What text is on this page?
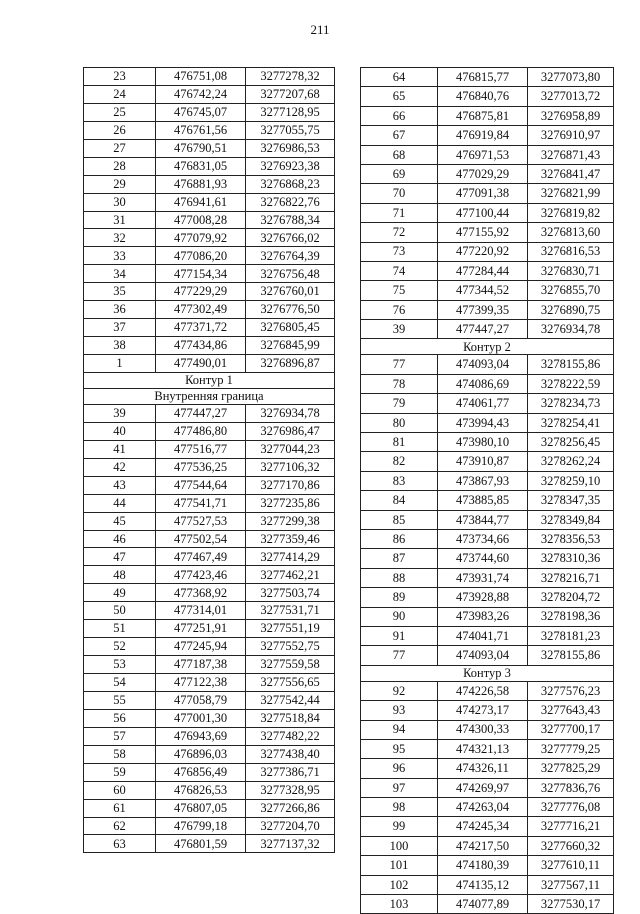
211
23	476751,08	3277278,32
24	476742,24	3277207,68
25	476745,07	3277128,95
26	476761,56	3277055,75
27	476790,51	3276986,53
28	476831,05	3276923,38
29	476881,93	3276868,23
30	476941,61	3276822,76
31	477008,28	3276788,34
32	477079,92	3276766,02
33	477086,20	3276764,39
34	477154,34	3276756,48
35	477229,29	3276760,01
36	477302,49	3276776,50
37	477371,72	3276805,45
38	477434,86	3276845,99
1	477490,01	3276896,87
Контур 1		
Внутренняя граница		
39	477447,27	3276934,78
40	477486,80	3276986,47
41	477516,77	3277044,23
42	477536,25	3277106,32
43	477544,64	3277170,86
44	477541,71	3277235,86
45	477527,53	3277299,38
46	477502,54	3277359,46
47	477467,49	3277414,29
48	477423,46	3277462,21
49	477368,92	3277503,74
50	477314,01	3277531,71
51	477251,91	3277551,19
52	477245,94	3277552,75
53	477187,38	3277559,58
54	477122,38	3277556,65
55	477058,79	3277542,44
56	477001,30	3277518,84
57	476943,69	3277482,22
58	476896,03	3277438,40
59	476856,49	3277386,71
60	476826,53	3277328,95
61	476807,05	3277266,86
62	476799,18	3277204,70
63	476801,59	3277137,32
64	476815,77	3277073,80
65	476840,76	3277013,72
66	476875,81	3276958,89
67	476919,84	3276910,97
68	476971,53	3276871,43
69	477029,29	3276841,47
70	477091,38	3276821,99
71	477100,44	3276819,82
72	477155,92	3276813,60
73	477220,92	3276816,53
74	477284,44	3276830,71
75	477344,52	3276855,70
76	477399,35	3276890,75
39	477447,27	3276934,78
Контур 2		
77	474093,04	3278155,86
78	474086,69	3278222,59
79	474061,77	3278234,73
80	473994,43	3278254,41
81	473980,10	3278256,45
82	473910,87	3278262,24
83	473867,93	3278259,10
84	473885,85	3278347,35
85	473844,77	3278349,84
86	473734,66	3278356,53
87	473744,60	3278310,36
88	473931,74	3278216,71
89	473928,88	3278204,72
90	473983,26	3278198,36
91	474041,71	3278181,23
77	474093,04	3278155,86
Контур 3		
92	474226,58	3277576,23
93	474273,17	3277643,43
94	474300,33	3277700,17
95	474321,13	3277779,25
96	474326,11	3277825,29
97	474269,97	3277836,76
98	474263,04	3277776,08
99	474245,34	3277716,21
100	474217,50	3277660,32
101	474180,39	3277610,11
102	474135,12	3277567,11
103	474077,89	3277530,17
